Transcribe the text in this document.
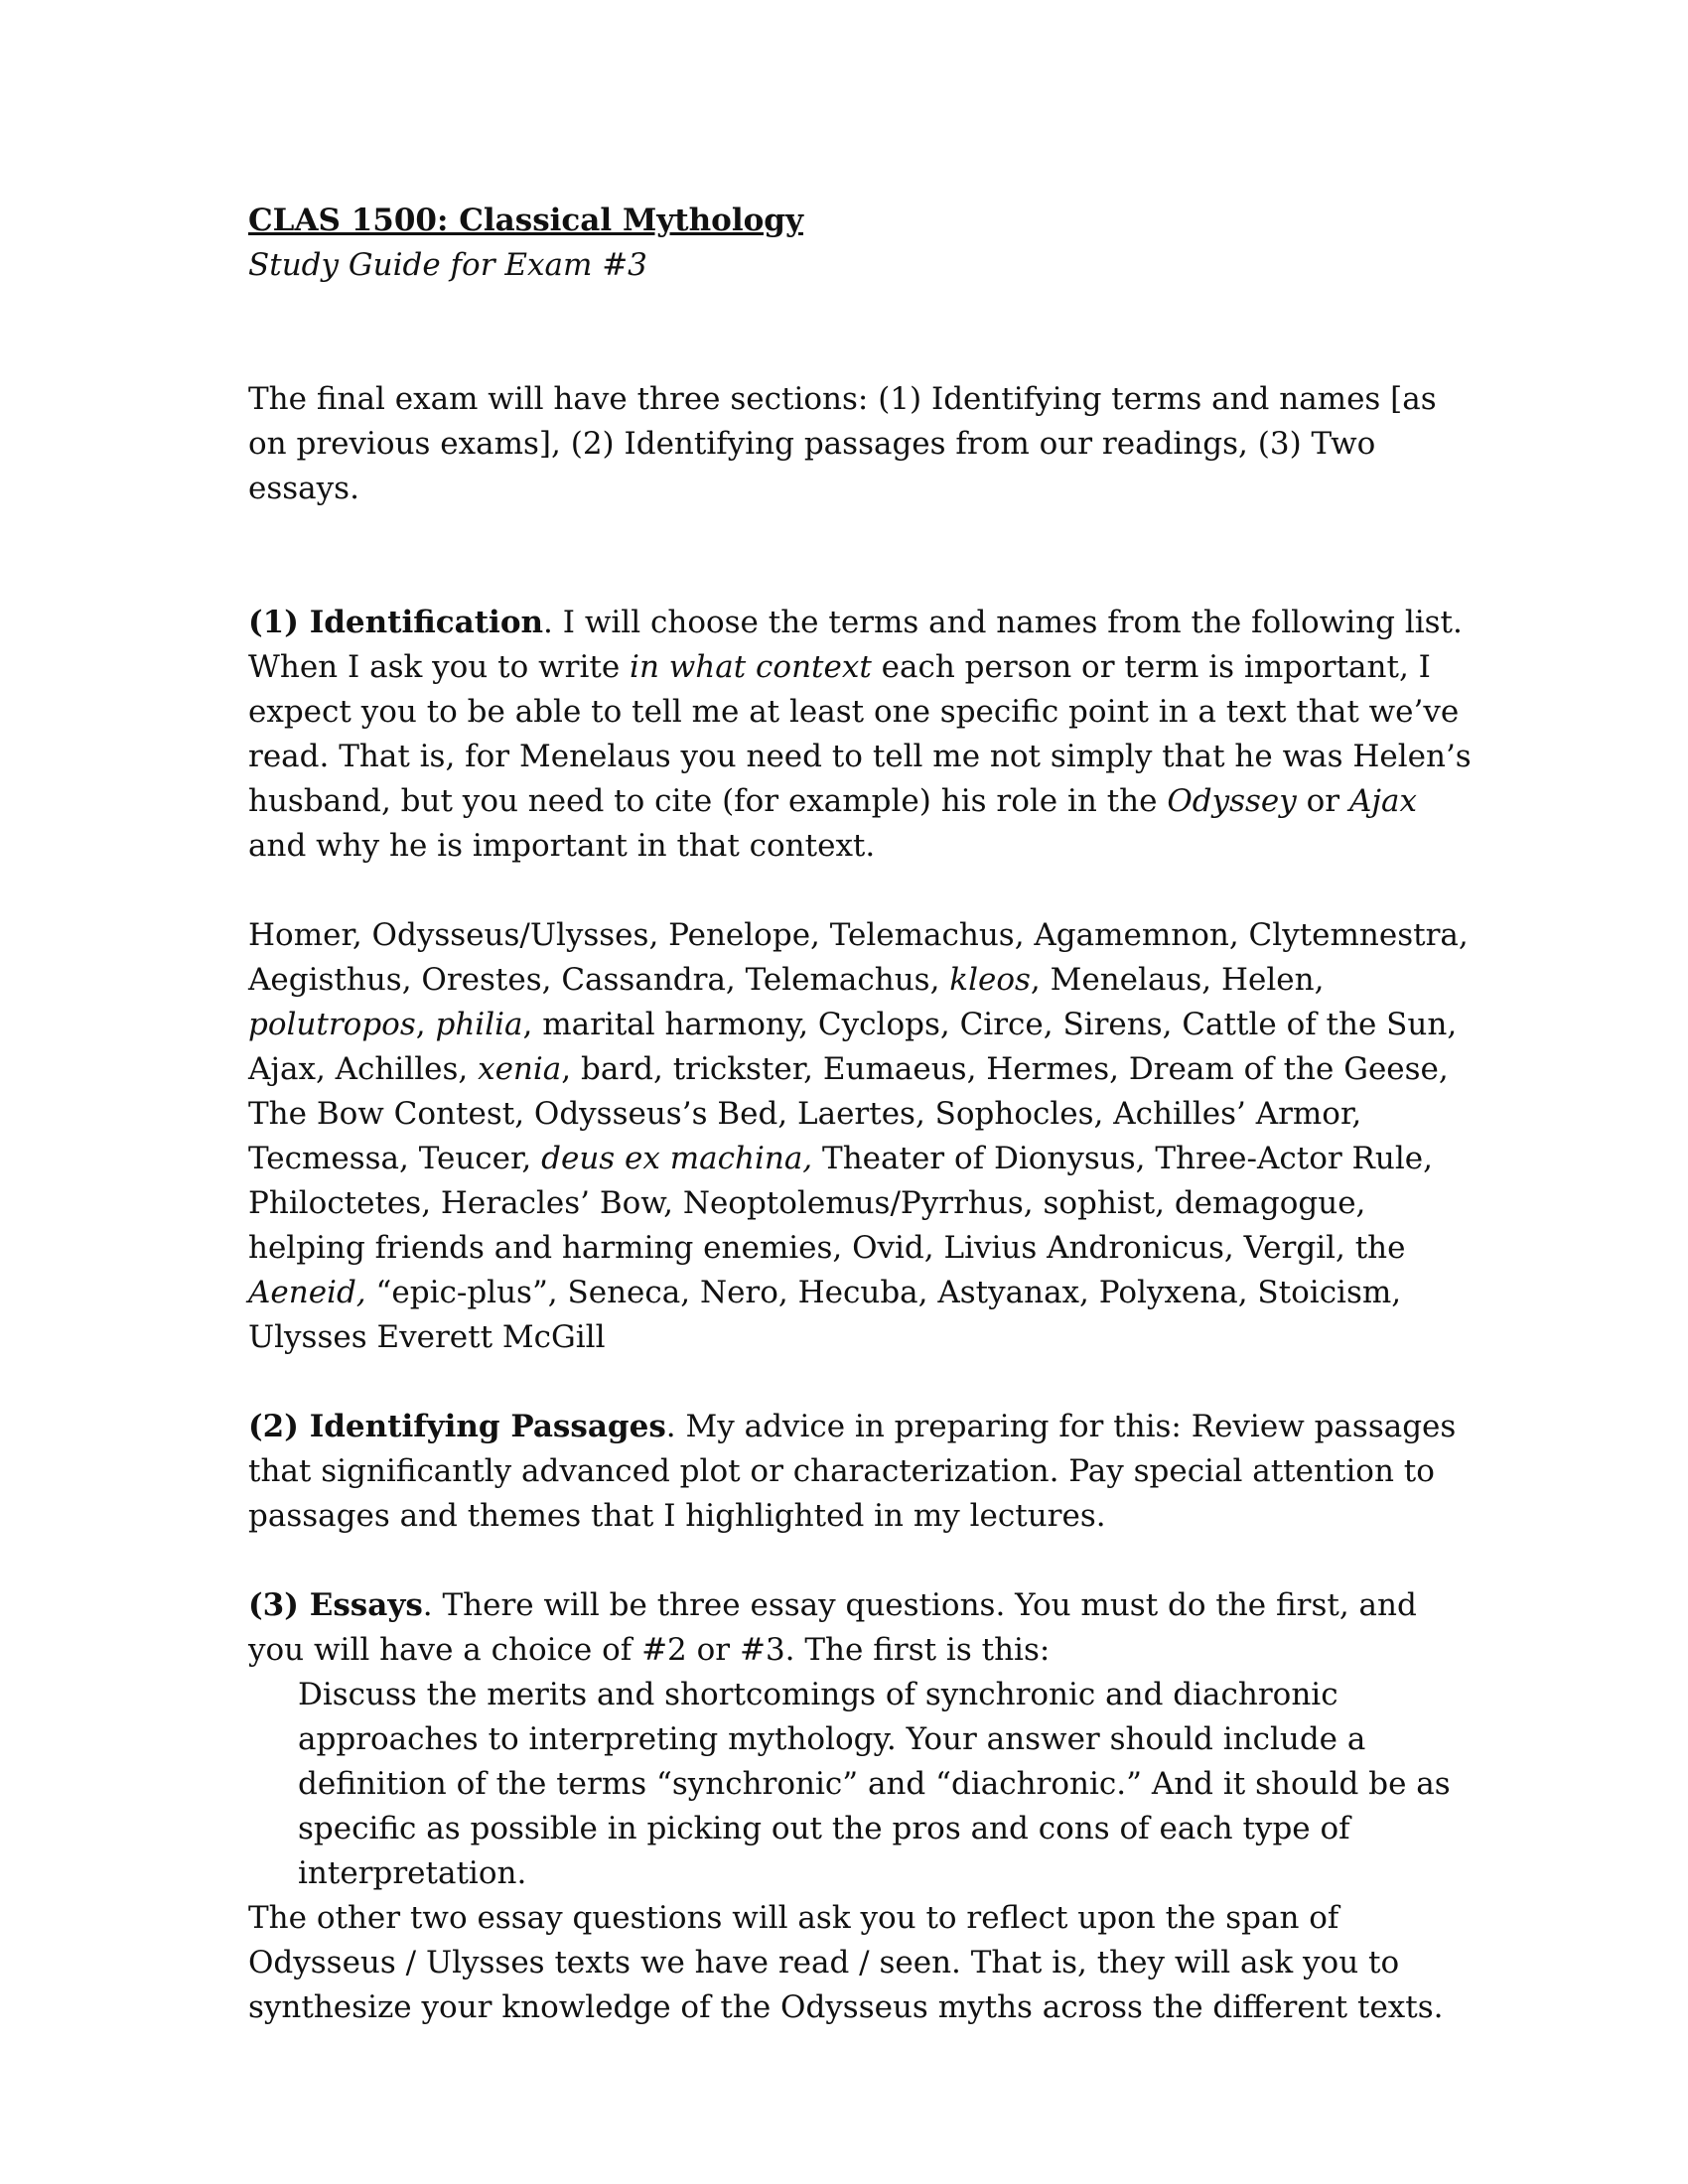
CLAS 1500: Classical Mythology

Study Guide for Exam #3

The final exam will have three sections: (1) Identifying terms and names [as on previous exams], (2) Identifying passages from our readings, (3) Two essays.

(1) Identification. I will choose the terms and names from the following list. When I ask you to write in what context each person or term is important, I expect you to be able to tell me at least one specific point in a text that we’ve read. That is, for Menelaus you need to tell me not simply that he was Helen’s husband, but you need to cite (for example) his role in the Odyssey or Ajax and why he is important in that context.

Homer, Odysseus/Ulysses, Penelope, Telemachus, Agamemnon, Clytemnestra, Aegisthus, Orestes, Cassandra, Telemachus, kleos, Menelaus, Helen, polutropos, philia, marital harmony, Cyclops, Circe, Sirens, Cattle of the Sun, Ajax, Achilles, xenia, bard, trickster, Eumaeus, Hermes, Dream of the Geese, The Bow Contest, Odysseus’s Bed, Laertes, Sophocles, Achilles’ Armor, Tecmessa, Teucer, deus ex machina, Theater of Dionysus, Three-Actor Rule, Philoctetes, Heracles’ Bow, Neoptolemus/Pyrrhus, sophist, demagogue, helping friends and harming enemies, Ovid, Livius Andronicus, Vergil, the Aeneid, “epic-plus”, Seneca, Nero, Hecuba, Astyanax, Polyxena, Stoicism, Ulysses Everett McGill

(2) Identifying Passages. My advice in preparing for this: Review passages that significantly advanced plot or characterization. Pay special attention to passages and themes that I highlighted in my lectures.

(3) Essays. There will be three essay questions. You must do the first, and you will have a choice of #2 or #3. The first is this:

Discuss the merits and shortcomings of synchronic and diachronic approaches to interpreting mythology. Your answer should include a definition of the terms “synchronic” and “diachronic.” And it should be as specific as possible in picking out the pros and cons of each type of interpretation.

The other two essay questions will ask you to reflect upon the span of Odysseus / Ulysses texts we have read / seen. That is, they will ask you to synthesize your knowledge of the Odysseus myths across the different texts.
